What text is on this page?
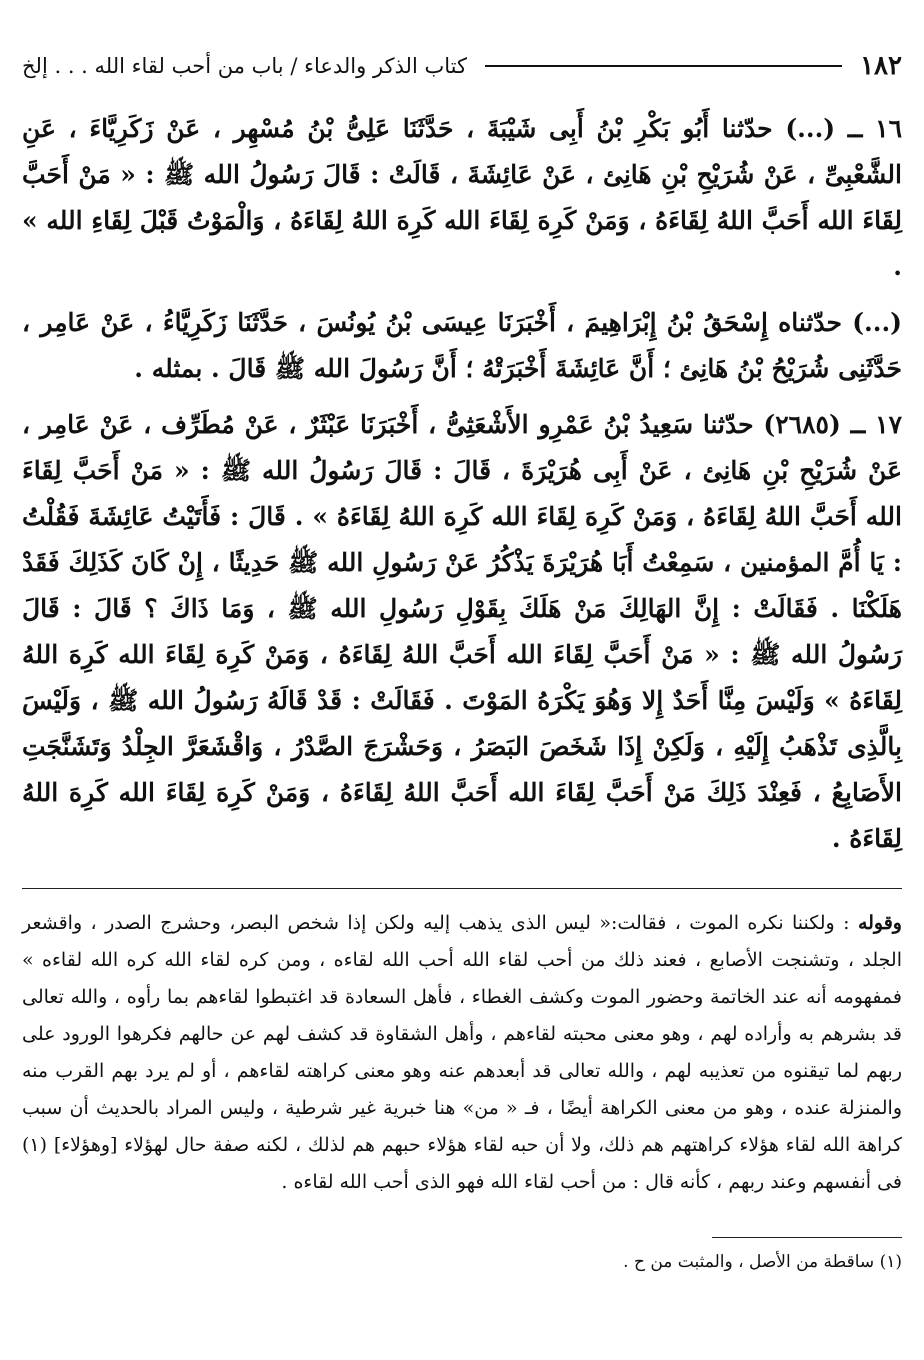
١٨٢
كتاب الذكر والدعاء / باب من أحب لقاء الله . . . إلخ

١٦ ــ (...) حدّثنا أَبُو بَكْرِ بْنُ أَبِى شَيْبَةَ ، حَدَّثَنَا عَلِىُّ بْنُ مُسْهِر ، عَنْ زَكَرِيَّاءَ ، عَنِ الشَّعْبِىِّ ، عَنْ شُرَيْحِ بْنِ هَانِئ ، عَنْ عَائِشَةَ ، قَالَتْ : قَالَ رَسُولُ الله ﷺ : « مَنْ أَحَبَّ لِقَاءَ الله أَحَبَّ اللهُ لِقَاءَهُ ، وَمَنْ كَرِهَ لِقَاءَ الله كَرِهَ اللهُ لِقَاءَهُ ، وَالْمَوْتُ قَبْلَ لِقَاءِ الله » .

(...) حدّثناه إِسْحَقُ بْنُ إِبْرَاهِيمَ ، أَخْبَرَنَا عِيسَى بْنُ يُونُسَ ، حَدَّثَنَا زَكَرِيَّاءُ ، عَنْ عَامِر ، حَدَّثَنِى شُرَيْحُ بْنُ هَانِئ ؛ أَنَّ عَائِشَةَ أَخْبَرَتْهُ ؛ أَنَّ رَسُولَ الله ﷺ قَالَ . بمثله .

١٧ ــ (٢٦٨٥) حدّثنا سَعِيدُ بْنُ عَمْرِو الأَشْعَثِىُّ ، أَخْبَرَنَا عَبْثَرٌ ، عَنْ مُطَرِّف ، عَنْ عَامِر ، عَنْ شُرَيْحِ بْنِ هَانِئ ، عَنْ أَبِى هُرَيْرَةَ ، قَالَ : قَالَ رَسُولُ الله ﷺ : « مَنْ أَحَبَّ لِقَاءَ الله أَحَبَّ اللهُ لِقَاءَهُ ، وَمَنْ كَرِهَ لِقَاءَ الله كَرِهَ اللهُ لِقَاءَهُ » . قَالَ : فَأَتَيْتُ عَائِشَةَ فَقُلْتُ : يَا أُمَّ المؤمنين ، سَمِعْتُ أَبَا هُرَيْرَةَ يَذْكُرُ عَنْ رَسُولِ الله ﷺ حَدِيثًا ، إِنْ كَانَ كَذَلِكَ فَقَدْ هَلَكْنَا . فَقَالَتْ : إِنَّ الهَالِكَ مَنْ هَلَكَ بِقَوْلِ رَسُولِ الله ﷺ ، وَمَا ذَاكَ ؟ قَالَ : قَالَ رَسُولُ الله ﷺ : « مَنْ أَحَبَّ لِقَاءَ الله أَحَبَّ اللهُ لِقَاءَهُ ، وَمَنْ كَرِهَ لِقَاءَ الله كَرِهَ اللهُ لِقَاءَهُ » وَلَيْسَ مِنَّا أَحَدٌ إِلا وَهُوَ يَكْرَهُ المَوْتَ . فَقَالَتْ : قَدْ قَالَهُ رَسُولُ الله ﷺ ، وَلَيْسَ بِالَّذِى تَذْهَبُ إِلَيْهِ ، وَلَكِنْ إِذَا شَخَصَ البَصَرُ ، وَحَشْرَجَ الصَّدْرُ ، وَاقْشَعَرَّ الجِلْدُ وَتَشَنَّجَتِ الأَصَابِعُ ، فَعِنْدَ ذَلِكَ مَنْ أَحَبَّ لِقَاءَ الله أَحَبَّ اللهُ لِقَاءَهُ ، وَمَنْ كَرِهَ لِقَاءَ الله كَرِهَ اللهُ لِقَاءَهُ .

وقوله : ولكننا نكره الموت ، فقالت:« ليس الذى يذهب إليه ولكن إذا شخص البصر، وحشرج الصدر ، واقشعر الجلد ، وتشنجت الأصابع ، فعند ذلك من أحب لقاء الله أحب الله لقاءه ، ومن كره لقاء الله كره الله لقاءه » فمفهومه أنه عند الخاتمة وحضور الموت وكشف الغطاء ، فأهل السعادة قد اغتبطوا لقاءهم بما رأوه ، والله تعالى قد بشرهم به وأراده لهم ، وهو معنى محبته لقاءهم ، وأهل الشقاوة قد كشف لهم عن حالهم فكرهوا الورود على ربهم لما تيقنوه من تعذيبه لهم ، والله تعالى قد أبعدهم عنه وهو معنى كراهته لقاءهم ، أو لم يرد بهم القرب منه والمنزلة عنده ، وهو من معنى الكراهة أيضًا ، فـ « من» هنا خبرية غير شرطية ، وليس المراد بالحديث أن سبب كراهة الله لقاء هؤلاء كراهتهم هم ذلك، ولا أن حبه لقاء هؤلاء حبهم هم لذلك ، لكنه صفة حال لهؤلاء [وهؤلاء] (١) فى أنفسهم وعند ربهم ، كأنه قال : من أحب لقاء الله فهو الذى أحب الله لقاءه .

(١) ساقطة من الأصل ، والمثبت من ح .
